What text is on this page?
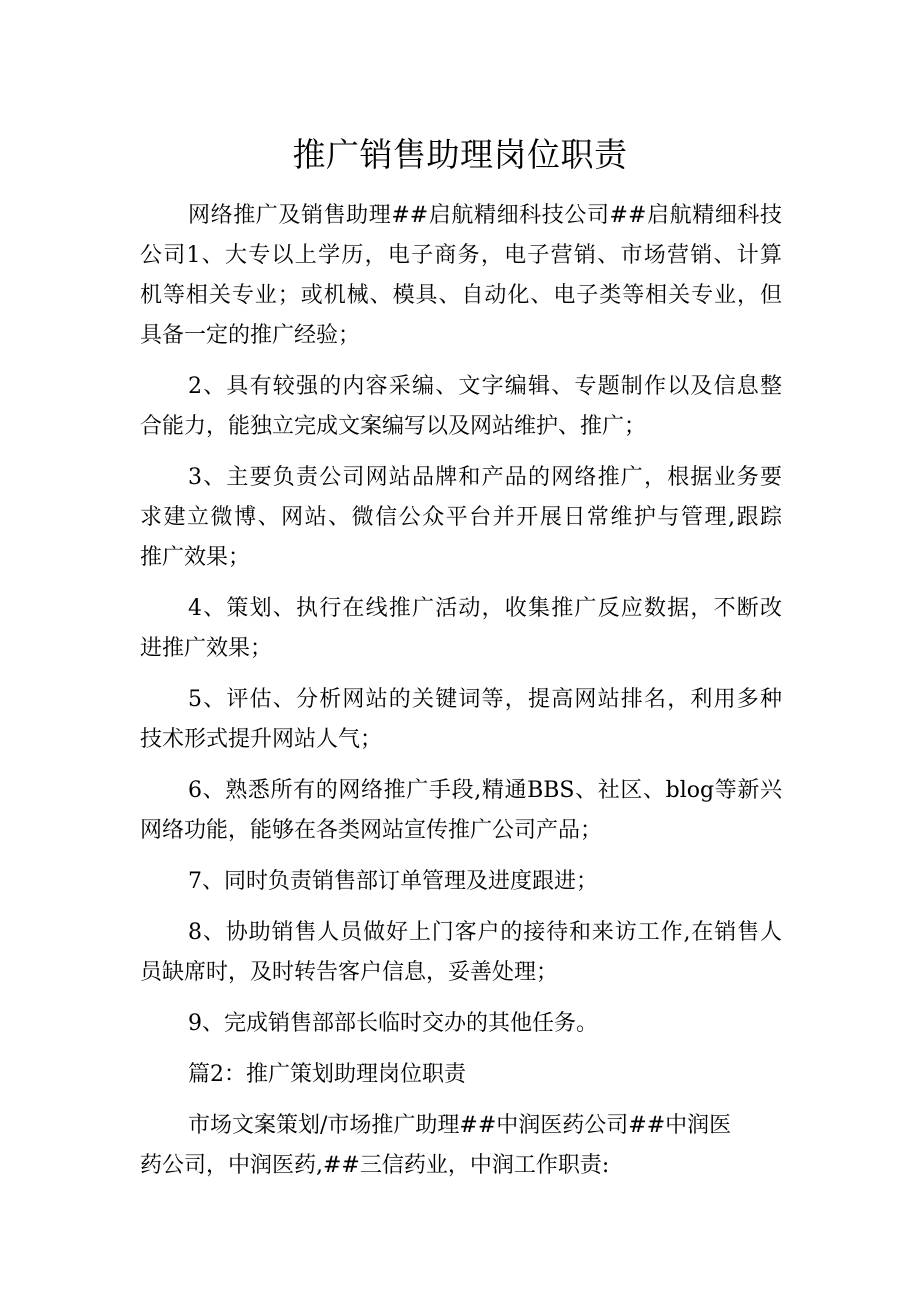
推广销售助理岗位职责
网络推广及销售助理##启航精细科技公司##启航精细科技
公司1、大专以上学历，电子商务，电子营销、市场营销、计算
机等相关专业；或机械、模具、自动化、电子类等相关专业，但
具备一定的推广经验；
2、具有较强的内容采编、文字编辑、专题制作以及信息整
合能力，能独立完成文案编写以及网站维护、推广；
3、主要负责公司网站品牌和产品的网络推广，根据业务要
求建立微博、网站、微信公众平台并开展日常维护与管理,跟踪
推广效果；
4、策划、执行在线推广活动，收集推广反应数据，不断改
进推广效果；
5、评估、分析网站的关键词等，提高网站排名，利用多种
技术形式提升网站人气；
6、熟悉所有的网络推广手段,精通BBS、社区、blog等新兴
网络功能，能够在各类网站宣传推广公司产品；
7、同时负责销售部订单管理及进度跟进；
8、协助销售人员做好上门客户的接待和来访工作,在销售人
员缺席时，及时转告客户信息，妥善处理；
9、完成销售部部长临时交办的其他任务。
篇2：推广策划助理岗位职责
市场文案策划/市场推广助理##中润医药公司##中润医
药公司，中润医药,##三信药业，中润工作职责:
